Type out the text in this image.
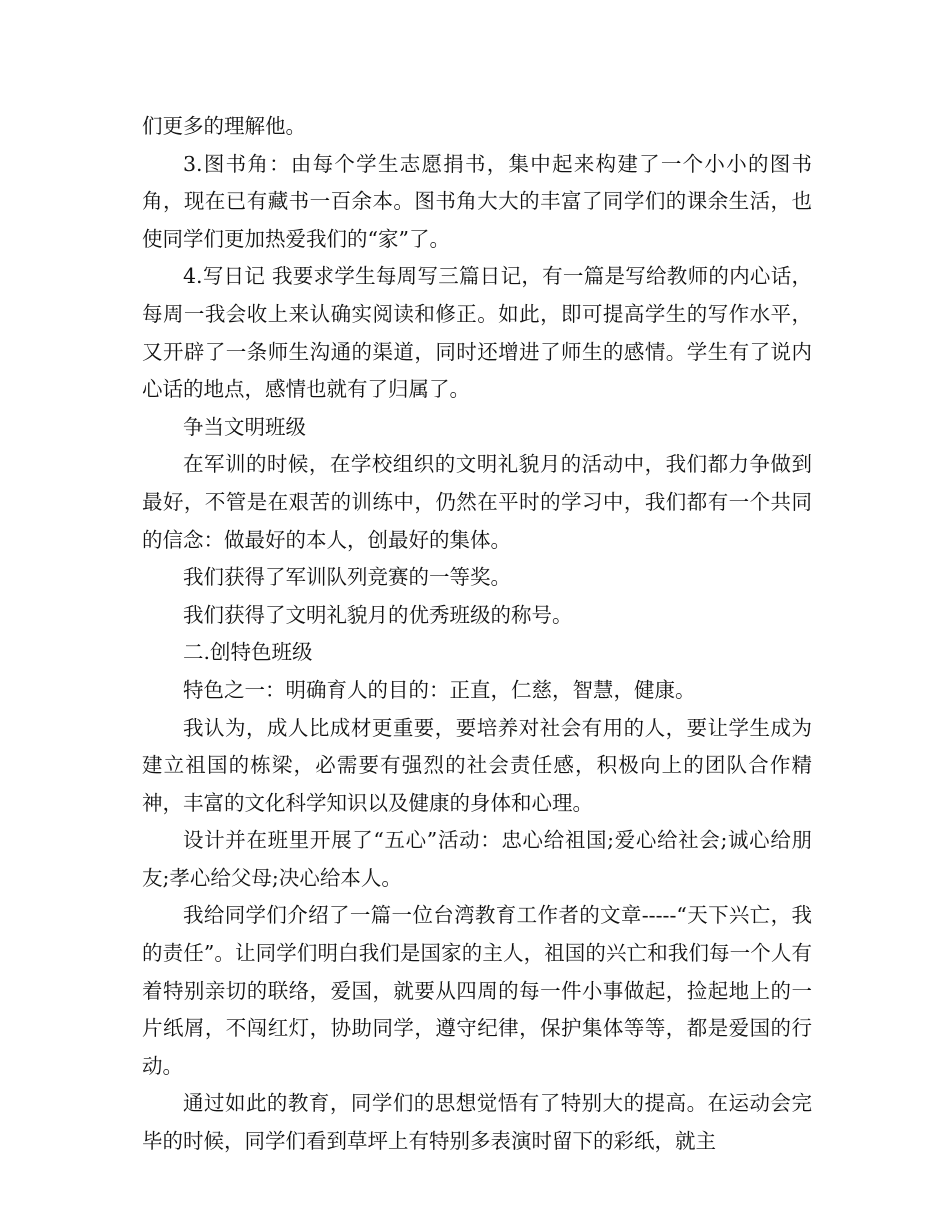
们更多的理解他。

3.图书角：由每个学生志愿捐书，集中起来构建了一个小小的图书角，现在已有藏书一百余本。图书角大大的丰富了同学们的课余生活，也使同学们更加热爱我们的“家”了。

4.写日记 我要求学生每周写三篇日记，有一篇是写给教师的内心话，每周一我会收上来认确实阅读和修正。如此，即可提高学生的写作水平，又开辟了一条师生沟通的渠道，同时还增进了师生的感情。学生有了说内心话的地点，感情也就有了归属了。

争当文明班级

在军训的时候，在学校组织的文明礼貌月的活动中，我们都力争做到最好，不管是在艰苦的训练中，仍然在平时的学习中，我们都有一个共同的信念：做最好的本人，创最好的集体。

我们获得了军训队列竞赛的一等奖。

我们获得了文明礼貌月的优秀班级的称号。

二.创特色班级

特色之一：明确育人的目的：正直，仁慈，智慧，健康。

我认为，成人比成材更重要，要培养对社会有用的人，要让学生成为建立祖国的栋梁，必需要有强烈的社会责任感，积极向上的团队合作精神，丰富的文化科学知识以及健康的身体和心理。

设计并在班里开展了“五心”活动：忠心给祖国;爱心给社会;诚心给朋友;孝心给父母;决心给本人。

我给同学们介绍了一篇一位台湾教育工作者的文章-----“天下兴亡，我的责任”。让同学们明白我们是国家的主人，祖国的兴亡和我们每一个人有着特别亲切的联络，爱国，就要从四周的每一件小事做起，捡起地上的一片纸屑，不闯红灯，协助同学，遵守纪律，保护集体等等，都是爱国的行动。

通过如此的教育，同学们的思想觉悟有了特别大的提高。在运动会完毕的时候，同学们看到草坪上有特别多表演时留下的彩纸，就主
